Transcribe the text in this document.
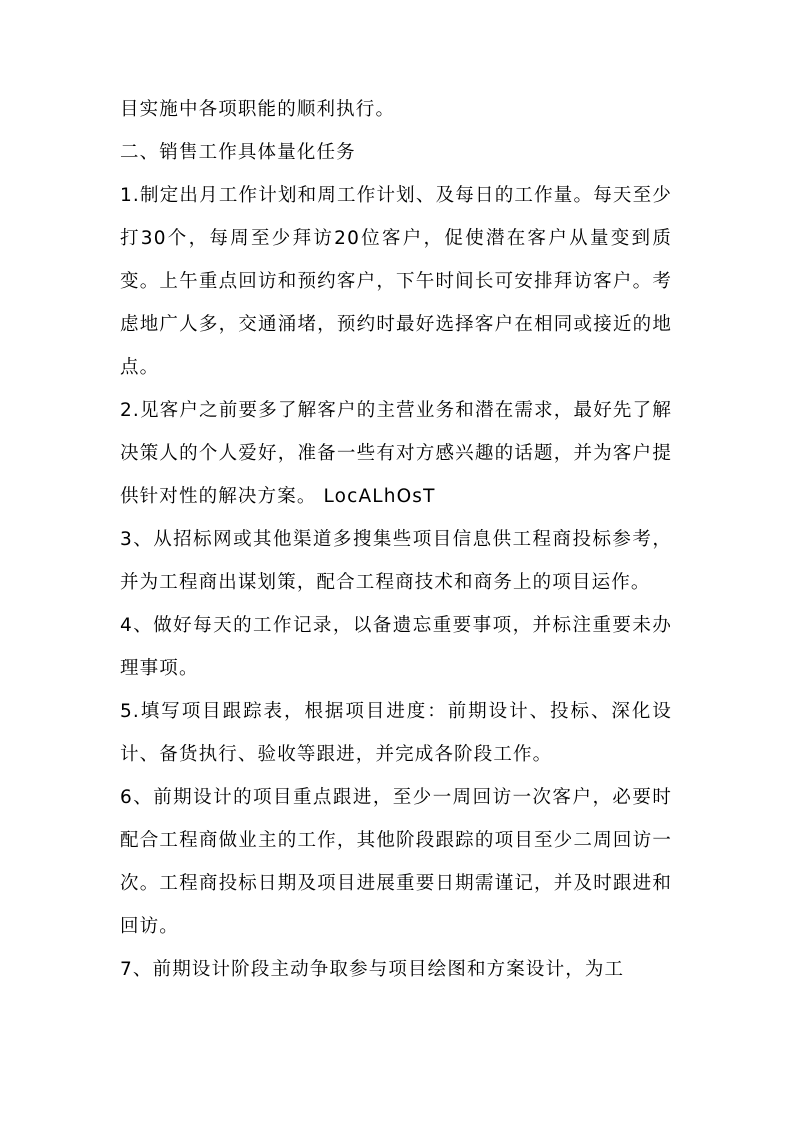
目实施中各项职能的顺利执行。

二、销售工作具体量化任务

1.制定出月工作计划和周工作计划、及每日的工作量。每天至少打30个，每周至少拜访20位客户，促使潜在客户从量变到质变。上午重点回访和预约客户，下午时间长可安排拜访客户。考虑地广人多，交通涌堵，预约时最好选择客户在相同或接近的地点。

2.见客户之前要多了解客户的主营业务和潜在需求，最好先了解决策人的个人爱好，准备一些有对方感兴趣的话题，并为客户提供针对性的解决方案。 LocALhOsT

3、从招标网或其他渠道多搜集些项目信息供工程商投标参考，并为工程商出谋划策，配合工程商技术和商务上的项目运作。

4、做好每天的工作记录，以备遗忘重要事项，并标注重要未办理事项。

5.填写项目跟踪表，根据项目进度：前期设计、投标、深化设计、备货执行、验收等跟进，并完成各阶段工作。

6、前期设计的项目重点跟进，至少一周回访一次客户，必要时配合工程商做业主的工作，其他阶段跟踪的项目至少二周回访一次。工程商投标日期及项目进展重要日期需谨记，并及时跟进和回访。

7、前期设计阶段主动争取参与项目绘图和方案设计，为工
